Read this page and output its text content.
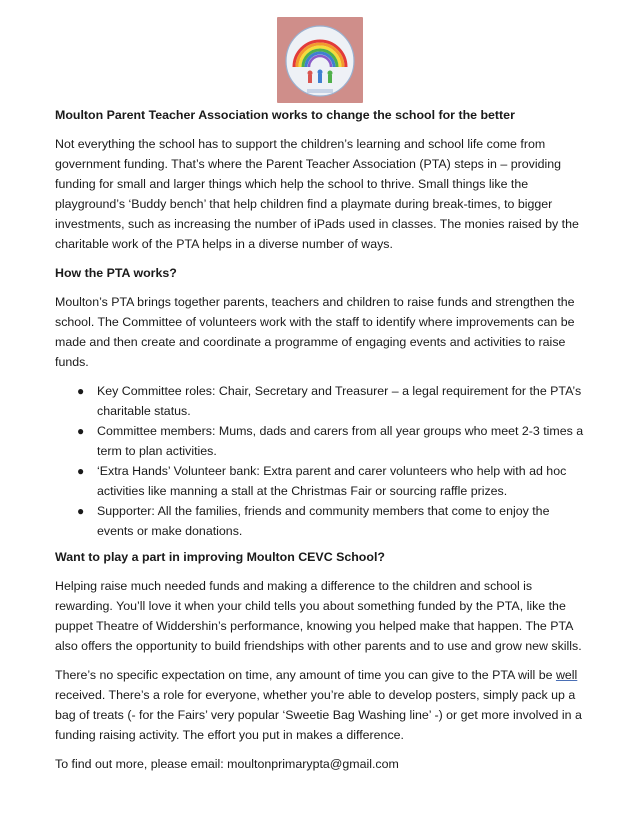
Moulton Parent Teacher Association works to change the school for the better

Not everything the school has to support the children’s learning and school life come from government funding. That’s where the Parent Teacher Association (PTA) steps in – providing funding for small and larger things which help the school to thrive. Small things like the playground’s ‘Buddy bench’ that help children find a playmate during break-times, to bigger investments, such as increasing the number of iPads used in classes. The monies raised by the charitable work of the PTA helps in a diverse number of ways.

How the PTA works?

Moulton’s PTA brings together parents, teachers and children to raise funds and strengthen the school. The Committee of volunteers work with the staff to identify where improvements can be made and then create and coordinate a programme of engaging events and activities to raise funds.

● Key Committee roles: Chair, Secretary and Treasurer – a legal requirement for the PTA’s charitable status.
● Committee members: Mums, dads and carers from all year groups who meet 2-3 times a term to plan activities.
● ‘Extra Hands’ Volunteer bank: Extra parent and carer volunteers who help with ad hoc activities like manning a stall at the Christmas Fair or sourcing raffle prizes.
● Supporter: All the families, friends and community members that come to enjoy the events or make donations.
Want to play a part in improving Moulton CEVC School?

Helping raise much needed funds and making a difference to the children and school is rewarding. You’ll love it when your child tells you about something funded by the PTA, like the puppet Theatre of Widdershin’s performance, knowing you helped make that happen. The PTA also offers the opportunity to build friendships with other parents and to use and grow new skills.

There’s no specific expectation on time, any amount of time you can give to the PTA will be well received. There’s a role for everyone, whether you’re able to develop posters, simply pack up a bag of treats (- for the Fairs’ very popular ‘Sweetie Bag Washing line’ -) or get more involved in a funding raising activity. The effort you put in makes a difference.

To find out more, please email: moultonprimarypta@gmail.com
